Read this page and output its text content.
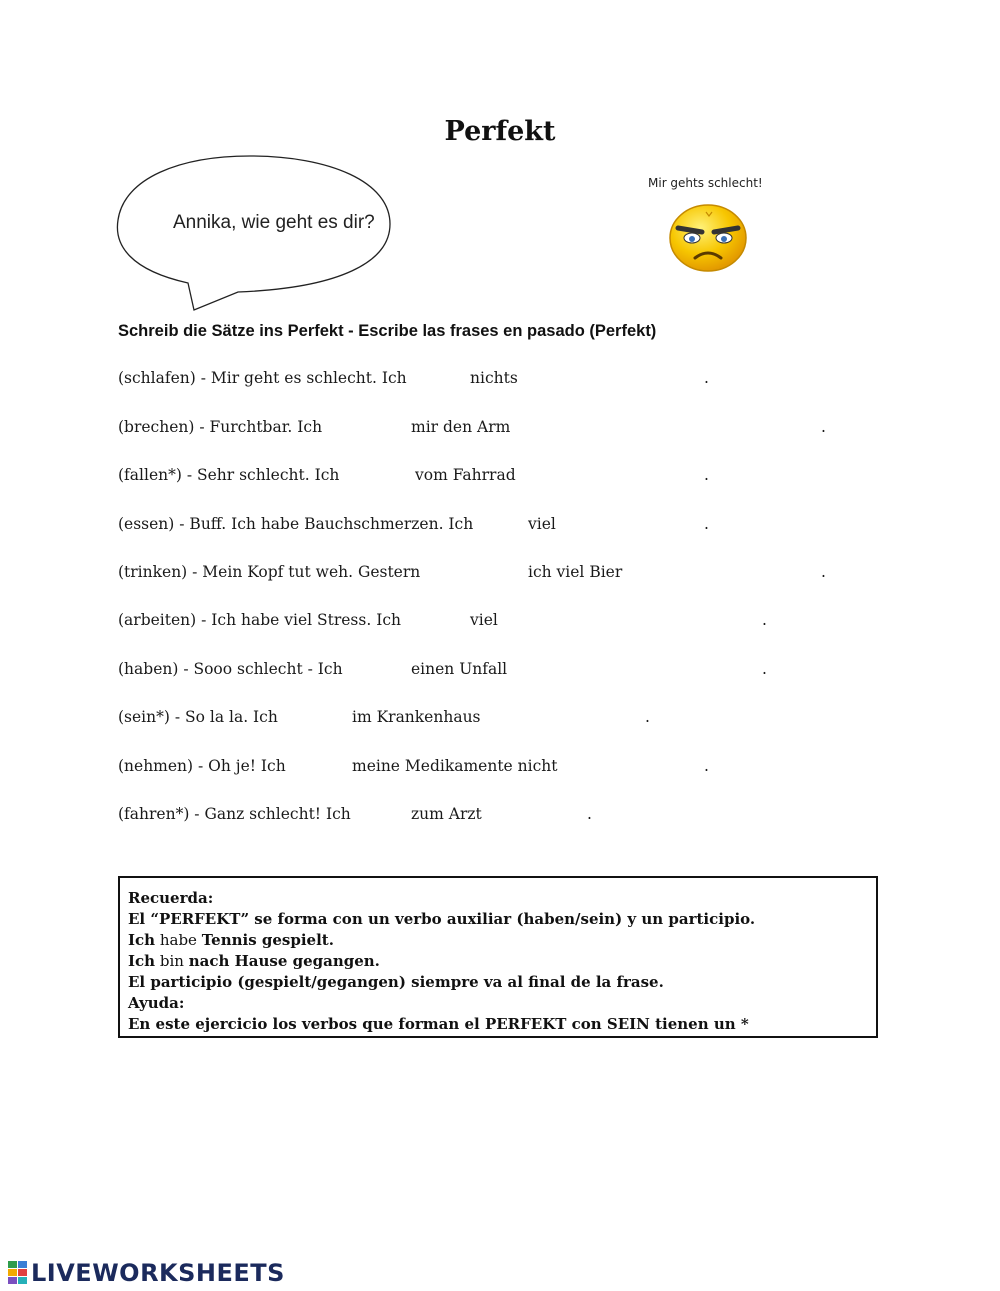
Perfekt
Annika, wie geht es dir?
Mir gehts schlecht!
Schreib die Sätze ins Perfekt - Escribe las frases en pasado (Perfekt)
(schlafen) - Mir geht es schlecht. Ich	nichts	.
(brechen) - Furchtbar. Ich	mir den Arm	.
(fallen*) - Sehr schlecht. Ich	vom Fahrrad	.
(essen) - Buff. Ich habe Bauchschmerzen. Ich	viel	.
(trinken) - Mein Kopf tut weh. Gestern	ich viel Bier	.
(arbeiten) - Ich habe viel Stress. Ich	viel	.
(haben) - Sooo schlecht - Ich	einen Unfall	.
(sein*) - So la la. Ich	im Krankenhaus	.
(nehmen) - Oh je! Ich	meine Medikamente nicht	.
(fahren*) - Ganz schlecht! Ich	zum Arzt	.
Recuerda:
El “PERFEKT” se forma con un verbo auxiliar (haben/sein) y un participio.
Ich habe Tennis gespielt.
Ich bin nach Hause gegangen.
El participio (gespielt/gegangen) siempre va al final de la frase.
Ayuda:
En este ejercicio los verbos que forman el PERFEKT con SEIN tienen un *
LIVEWORKSHEETS
